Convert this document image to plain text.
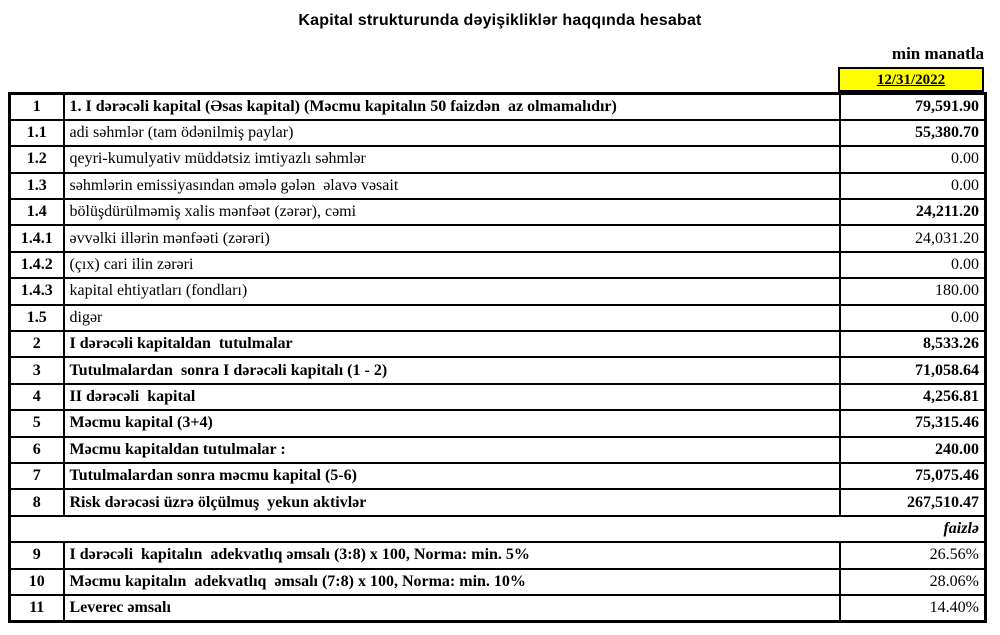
Kapital strukturunda dəyişikliklər haqqında hesabat
min manatla
12/31/2022
1	1. I dərəcəli kapital (Əsas kapital) (Məcmu kapitalın 50 faizdən  az olmamalıdır)	79,591.90
1.1	adi səhmlər (tam ödənilmiş paylar)	55,380.70
1.2	qeyri-kumulyativ müddətsiz imtiyazlı səhmlər	0.00
1.3	səhmlərin emissiyasından əmələ gələn  əlavə vəsait	0.00
1.4	bölüşdürülməmiş xalis mənfəət (zərər), cəmi	24,211.20
1.4.1	əvvəlki illərin mənfəəti (zərəri)	24,031.20
1.4.2	(çıx) cari ilin zərəri	0.00
1.4.3	kapital ehtiyatları (fondları)	180.00
1.5	digər	0.00
2	I dərəcəli kapitaldan  tutulmalar	8,533.26
3	Tutulmalardan  sonra I dərəcəli kapitalı (1 - 2)	71,058.64
4	II dərəcəli  kapital	4,256.81
5	Məcmu kapital (3+4)	75,315.46
6	Məcmu kapitaldan tutulmalar :	240.00
7	Tutulmalardan sonra məcmu kapital (5-6)	75,075.46
8	Risk dərəcəsi üzrə ölçülmuş  yekun aktivlər	267,510.47
faizlə		
9	I dərəcəli  kapitalın  adekvatlıq əmsalı (3:8) x 100, Norma: min. 5%	26.56%
10	Məcmu kapitalın  adekvatlıq  əmsalı (7:8) x 100, Norma: min. 10%	28.06%
11	Leverec əmsalı	14.40%
